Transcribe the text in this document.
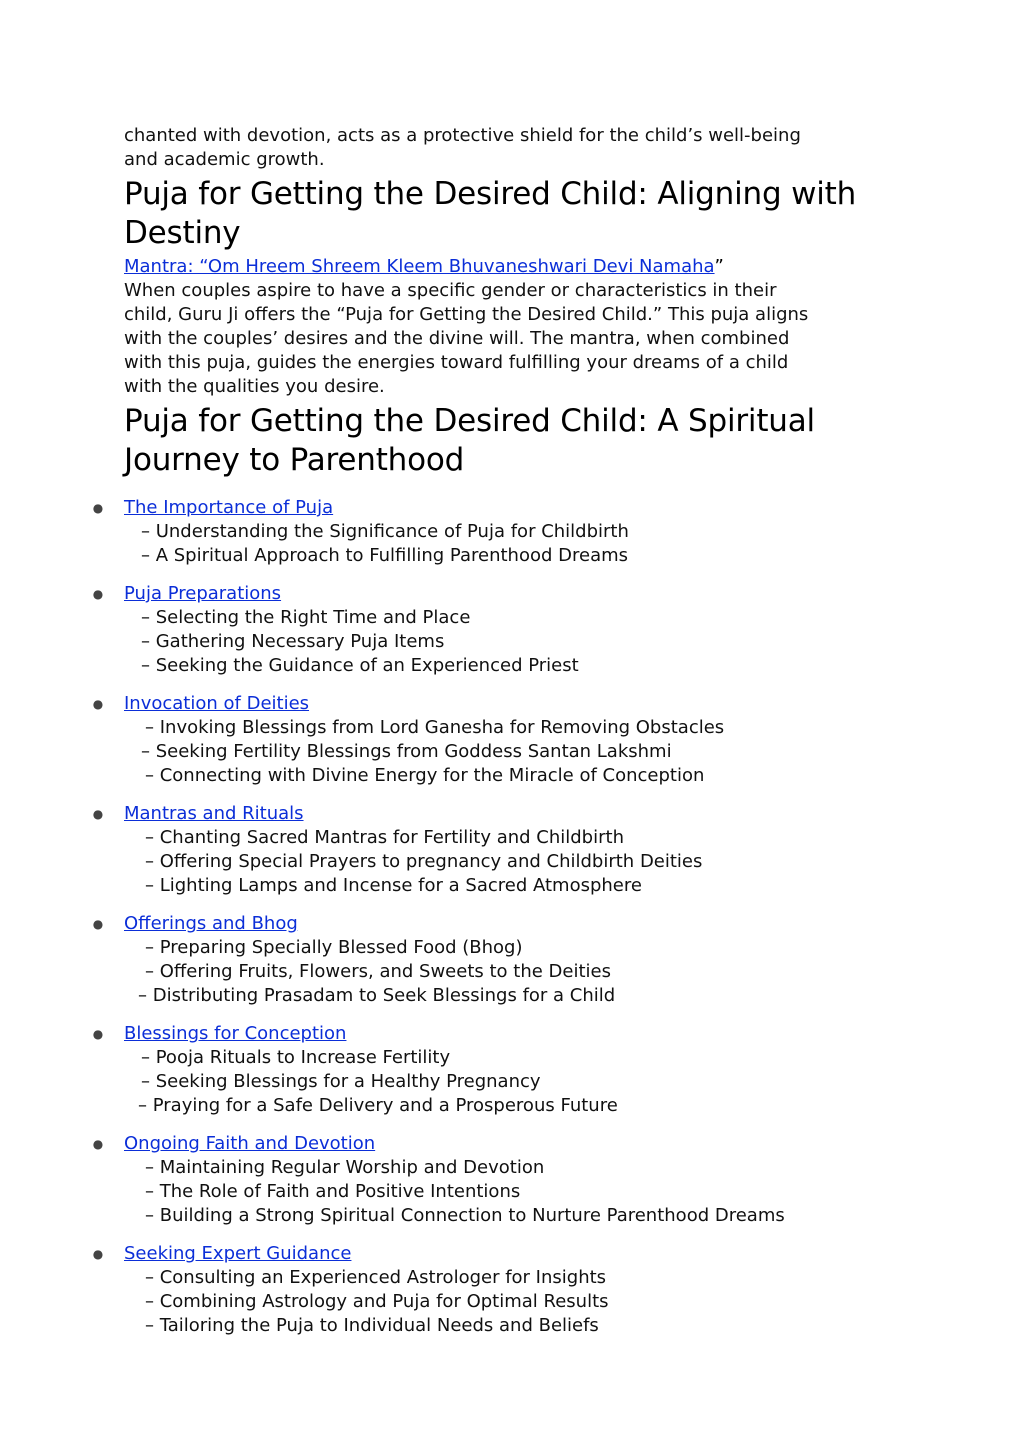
chanted with devotion, acts as a protective shield for the child’s well-being
and academic growth.

Puja for Getting the Desired Child: Aligning with
Destiny

Mantra: “Om Hreem Shreem Kleem Bhuvaneshwari Devi Namaha”

When couples aspire to have a specific gender or characteristics in their
child, Guru Ji offers the “Puja for Getting the Desired Child.” This puja aligns
with the couples’ desires and the divine will. The mantra, when combined
with this puja, guides the energies toward fulfilling your dreams of a child
with the qualities you desire.

Puja for Getting the Desired Child: A Spiritual
Journey to Parenthood
● The Importance of Puja
– Understanding the Significance of Puja for Childbirth
– A Spiritual Approach to Fulfilling Parenthood Dreams
● Puja Preparations
– Selecting the Right Time and Place
– Gathering Necessary Puja Items
– Seeking the Guidance of an Experienced Priest
● Invocation of Deities
– Invoking Blessings from Lord Ganesha for Removing Obstacles
– Seeking Fertility Blessings from Goddess Santan Lakshmi
– Connecting with Divine Energy for the Miracle of Conception
● Mantras and Rituals
– Chanting Sacred Mantras for Fertility and Childbirth
– Offering Special Prayers to pregnancy and Childbirth Deities
– Lighting Lamps and Incense for a Sacred Atmosphere
● Offerings and Bhog
– Preparing Specially Blessed Food (Bhog)
– Offering Fruits, Flowers, and Sweets to the Deities
– Distributing Prasadam to Seek Blessings for a Child
● Blessings for Conception
– Pooja Rituals to Increase Fertility
– Seeking Blessings for a Healthy Pregnancy
– Praying for a Safe Delivery and a Prosperous Future
● Ongoing Faith and Devotion
– Maintaining Regular Worship and Devotion
– The Role of Faith and Positive Intentions
– Building a Strong Spiritual Connection to Nurture Parenthood Dreams
● Seeking Expert Guidance
– Consulting an Experienced Astrologer for Insights
– Combining Astrology and Puja for Optimal Results
– Tailoring the Puja to Individual Needs and Beliefs
